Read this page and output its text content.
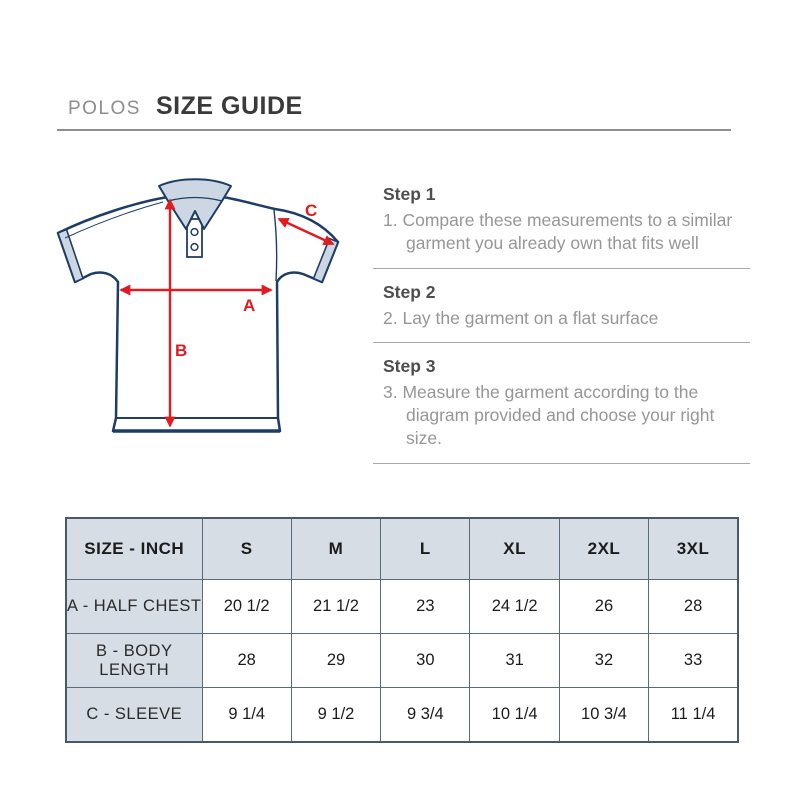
POLOS SIZE GUIDE
A
B
C
Step 1
1. Compare these measurements to a similar garment you already own that fits well
Step 2
2. Lay the garment on a flat surface
Step 3
3. Measure the garment according to the diagram provided and choose your right size.
SIZE - INCH	S	M	L	XL	2XL	3XL
A - HALF CHEST	20 1/2	21 1/2	23	24 1/2	26	28
B - BODY LENGTH	28	29	30	31	32	33
C - SLEEVE	9 1/4	9 1/2	9 3/4	10 1/4	10 3/4	11 1/4
